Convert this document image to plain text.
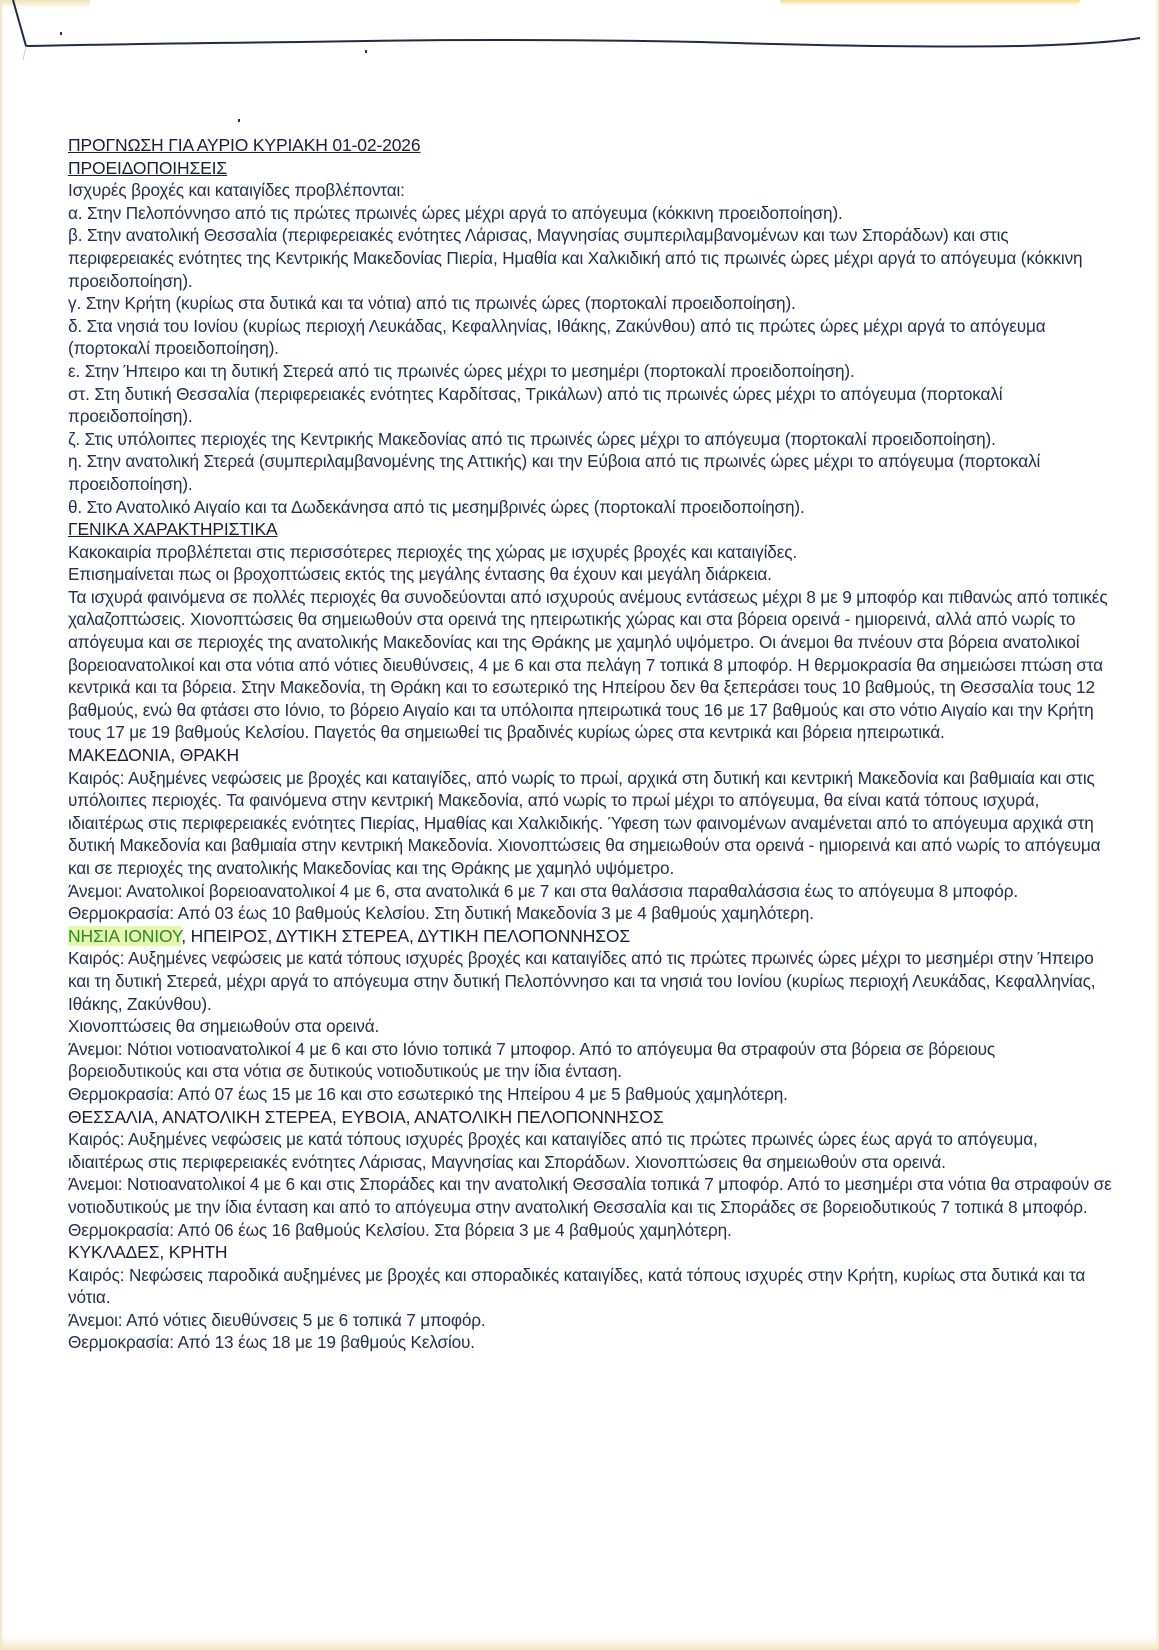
ΠΡΟΓΝΩΣΗ ΓΙΑ ΑΥΡΙΟ ΚΥΡΙΑΚΗ 01-02-2026
ΠΡΟΕΙΔΟΠΟΙΗΣΕΙΣ
Ισχυρές βροχές και καταιγίδες προβλέπονται:
α. Στην Πελοπόννησο από τις πρώτες πρωινές ώρες μέχρι αργά το απόγευμα (κόκκινη προειδοποίηση).
β. Στην ανατολική Θεσσαλία (περιφερειακές ενότητες Λάρισας, Μαγνησίας συμπεριλαμβανομένων και των Σποράδων) και στις περιφερειακές ενότητες της Κεντρικής Μακεδονίας Πιερία, Ημαθία και Χαλκιδική από τις πρωινές ώρες μέχρι αργά το απόγευμα (κόκκινη προειδοποίηση).
γ. Στην Κρήτη (κυρίως στα δυτικά και τα νότια) από τις πρωινές ώρες (πορτοκαλί προειδοποίηση).
δ. Στα νησιά του Ιονίου (κυρίως περιοχή Λευκάδας, Κεφαλληνίας, Ιθάκης, Ζακύνθου) από τις πρώτες ώρες μέχρι αργά το απόγευμα (πορτοκαλί προειδοποίηση).
ε. Στην Ήπειρο και τη δυτική Στερεά από τις πρωινές ώρες μέχρι το μεσημέρι (πορτοκαλί προειδοποίηση).
στ. Στη δυτική Θεσσαλία (περιφερειακές ενότητες Καρδίτσας, Τρικάλων) από τις πρωινές ώρες μέχρι το απόγευμα (πορτοκαλί προειδοποίηση).
ζ. Στις υπόλοιπες περιοχές της Κεντρικής Μακεδονίας από τις πρωινές ώρες μέχρι το απόγευμα (πορτοκαλί προειδοποίηση).
η. Στην ανατολική Στερεά (συμπεριλαμβανομένης της Αττικής) και την Εύβοια από τις πρωινές ώρες μέχρι το απόγευμα (πορτοκαλί προειδοποίηση).
θ. Στο Ανατολικό Αιγαίο και τα Δωδεκάνησα από τις μεσημβρινές ώρες (πορτοκαλί προειδοποίηση).
ΓΕΝΙΚΑ ΧΑΡΑΚΤΗΡΙΣΤΙΚΑ
Κακοκαιρία προβλέπεται στις περισσότερες περιοχές της χώρας με ισχυρές βροχές και καταιγίδες.
Επισημαίνεται πως οι βροχοπτώσεις εκτός της μεγάλης έντασης θα έχουν και μεγάλη διάρκεια.
Τα ισχυρά φαινόμενα σε πολλές περιοχές θα συνοδεύονται από ισχυρούς ανέμους εντάσεως μέχρι 8 με 9 μποφόρ και πιθανώς από τοπικές χαλαζοπτώσεις. Χιονοπτώσεις θα σημειωθούν στα ορεινά της ηπειρωτικής χώρας και στα βόρεια ορεινά - ημιορεινά, αλλά από νωρίς το απόγευμα και σε περιοχές της ανατολικής Μακεδονίας και της Θράκης με χαμηλό υψόμετρο. Οι άνεμοι θα πνέουν στα βόρεια ανατολικοί βορειοανατολικοί και στα νότια από νότιες διευθύνσεις, 4 με 6 και στα πελάγη 7 τοπικά 8 μποφόρ. Η θερμοκρασία θα σημειώσει πτώση στα κεντρικά και τα βόρεια. Στην Μακεδονία, τη Θράκη και το εσωτερικό της Ηπείρου δεν θα ξεπεράσει τους 10 βαθμούς, τη Θεσσαλία τους 12 βαθμούς, ενώ θα φτάσει στο Ιόνιο, το βόρειο Αιγαίο και τα υπόλοιπα ηπειρωτικά τους 16 με 17 βαθμούς και στο νότιο Αιγαίο και την Κρήτη τους 17 με 19 βαθμούς Κελσίου. Παγετός θα σημειωθεί τις βραδινές κυρίως ώρες στα κεντρικά και βόρεια ηπειρωτικά.
ΜΑΚΕΔΟΝΙΑ, ΘΡΑΚΗ
Καιρός: Αυξημένες νεφώσεις με βροχές και καταιγίδες, από νωρίς το πρωί, αρχικά στη δυτική και κεντρική Μακεδονία και βαθμιαία και στις υπόλοιπες περιοχές. Τα φαινόμενα στην κεντρική Μακεδονία, από νωρίς το πρωί μέχρι το απόγευμα, θα είναι κατά τόπους ισχυρά, ιδιαιτέρως στις περιφερειακές ενότητες Πιερίας, Ημαθίας και Χαλκιδικής. Ύφεση των φαινομένων αναμένεται από το απόγευμα αρχικά στη δυτική Μακεδονία και βαθμιαία στην κεντρική Μακεδονία. Χιονοπτώσεις θα σημειωθούν στα ορεινά - ημιορεινά και από νωρίς το απόγευμα και σε περιοχές της ανατολικής Μακεδονίας και της Θράκης με χαμηλό υψόμετρο.
Άνεμοι: Ανατολικοί βορειοανατολικοί 4 με 6, στα ανατολικά 6 με 7 και στα θαλάσσια παραθαλάσσια έως το απόγευμα 8 μποφόρ.
Θερμοκρασία: Από 03 έως 10 βαθμούς Κελσίου. Στη δυτική Μακεδονία 3 με 4 βαθμούς χαμηλότερη.
ΝΗΣΙΑ ΙΟΝΙΟΥ, ΗΠΕΙΡΟΣ, ΔΥΤΙΚΗ ΣΤΕΡΕΑ, ΔΥΤΙΚΗ ΠΕΛΟΠΟΝΝΗΣΟΣ
Καιρός: Αυξημένες νεφώσεις με κατά τόπους ισχυρές βροχές και καταιγίδες από τις πρώτες πρωινές ώρες μέχρι το μεσημέρι στην Ήπειρο και τη δυτική Στερεά, μέχρι αργά το απόγευμα στην δυτική Πελοπόννησο και τα νησιά του Ιονίου (κυρίως περιοχή Λευκάδας, Κεφαλληνίας, Ιθάκης, Ζακύνθου).
Χιονοπτώσεις θα σημειωθούν στα ορεινά.
Άνεμοι: Νότιοι νοτιοανατολικοί 4 με 6 και στο Ιόνιο τοπικά 7 μποφορ. Από το απόγευμα θα στραφούν στα βόρεια σε βόρειους βορειοδυτικούς και στα νότια σε δυτικούς νοτιοδυτικούς με την ίδια ένταση.
Θερμοκρασία: Από 07 έως 15 με 16 και στο εσωτερικό της Ηπείρου 4 με 5 βαθμούς χαμηλότερη.
ΘΕΣΣΑΛΙΑ, ΑΝΑΤΟΛΙΚΗ ΣΤΕΡΕΑ, ΕΥΒΟΙΑ, ΑΝΑΤΟΛΙΚΗ ΠΕΛΟΠΟΝΝΗΣΟΣ
Καιρός: Αυξημένες νεφώσεις με κατά τόπους ισχυρές βροχές και καταιγίδες από τις πρώτες πρωινές ώρες έως αργά το απόγευμα, ιδιαιτέρως στις περιφερειακές ενότητες Λάρισας, Μαγνησίας και Σποράδων. Χιονοπτώσεις θα σημειωθούν στα ορεινά.
Άνεμοι: Νοτιοανατολικοί 4 με 6 και στις Σποράδες και την ανατολική Θεσσαλία τοπικά 7 μποφόρ. Από το μεσημέρι στα νότια θα στραφούν σε νοτιοδυτικούς με την ίδια ένταση και από το απόγευμα στην ανατολική Θεσσαλία και τις Σποράδες σε βορειοδυτικούς 7 τοπικά 8 μποφόρ.
Θερμοκρασία: Από 06 έως 16 βαθμούς Κελσίου. Στα βόρεια 3 με 4 βαθμούς χαμηλότερη.
ΚΥΚΛΑΔΕΣ, ΚΡΗΤΗ
Καιρός: Νεφώσεις παροδικά αυξημένες με βροχές και σποραδικές καταιγίδες, κατά τόπους ισχυρές στην Κρήτη, κυρίως στα δυτικά και τα νότια.
Άνεμοι: Από νότιες διευθύνσεις 5 με 6 τοπικά 7 μποφόρ.
Θερμοκρασία: Από 13 έως 18 με 19 βαθμούς Κελσίου.
